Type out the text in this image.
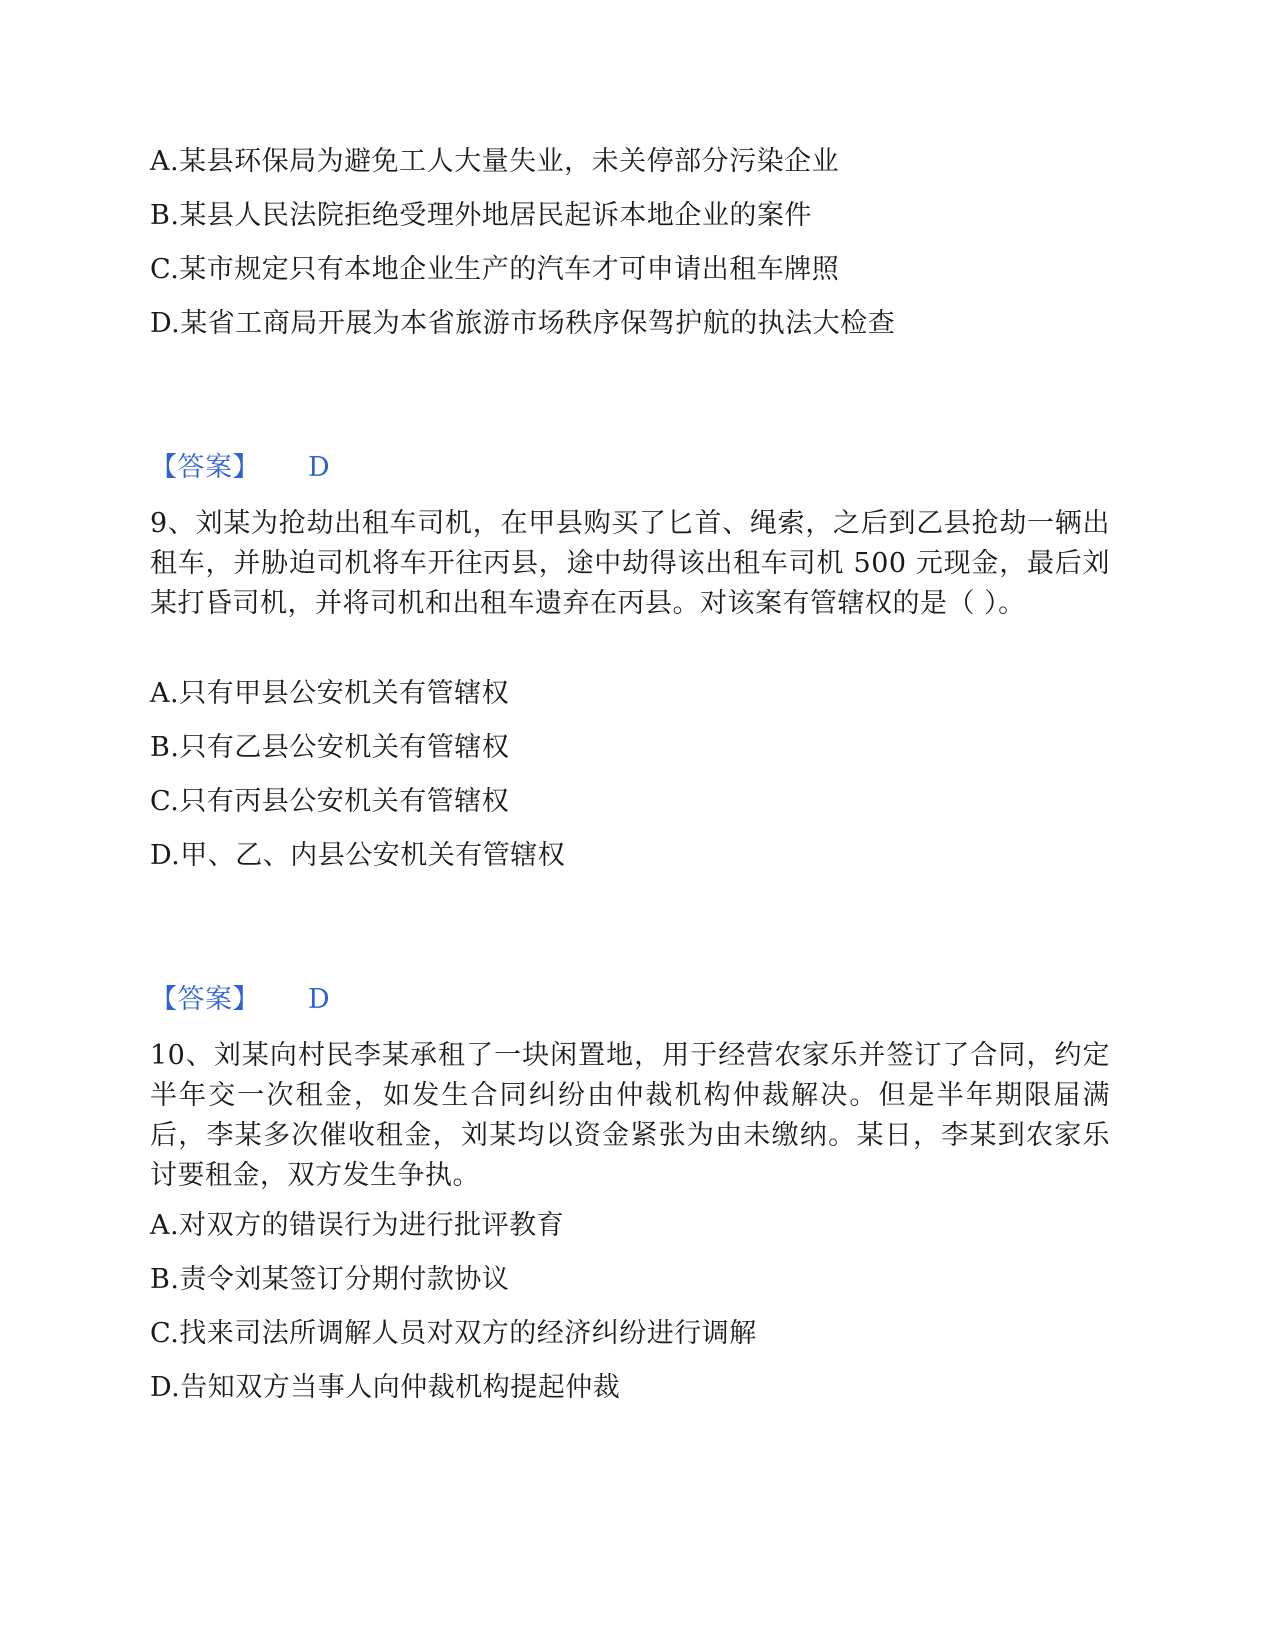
A.某县环保局为避免工人大量失业，未关停部分污染企业
B.某县人民法院拒绝受理外地居民起诉本地企业的案件
C.某市规定只有本地企业生产的汽车才可申请出租车牌照
D.某省工商局开展为本省旅游市场秩序保驾护航的执法大检查
【答案】 D
9、刘某为抢劫出租车司机，在甲县购买了匕首、绳索，之后到乙县抢劫一辆出租车，并胁迫司机将车开往丙县，途中劫得该出租车司机 500 元现金，最后刘某打昏司机，并将司机和出租车遗弃在丙县。对该案有管辖权的是（ ）。
A.只有甲县公安机关有管辖权
B.只有乙县公安机关有管辖权
C.只有丙县公安机关有管辖权
D.甲、乙、内县公安机关有管辖权
【答案】 D
10、刘某向村民李某承租了一块闲置地，用于经营农家乐并签订了合同，约定半年交一次租金，如发生合同纠纷由仲裁机构仲裁解决。但是半年期限届满后，李某多次催收租金，刘某均以资金紧张为由未缴纳。某日，李某到农家乐讨要租金，双方发生争执。
A.对双方的错误行为进行批评教育
B.责令刘某签订分期付款协议
C.找来司法所调解人员对双方的经济纠纷进行调解
D.告知双方当事人向仲裁机构提起仲裁
